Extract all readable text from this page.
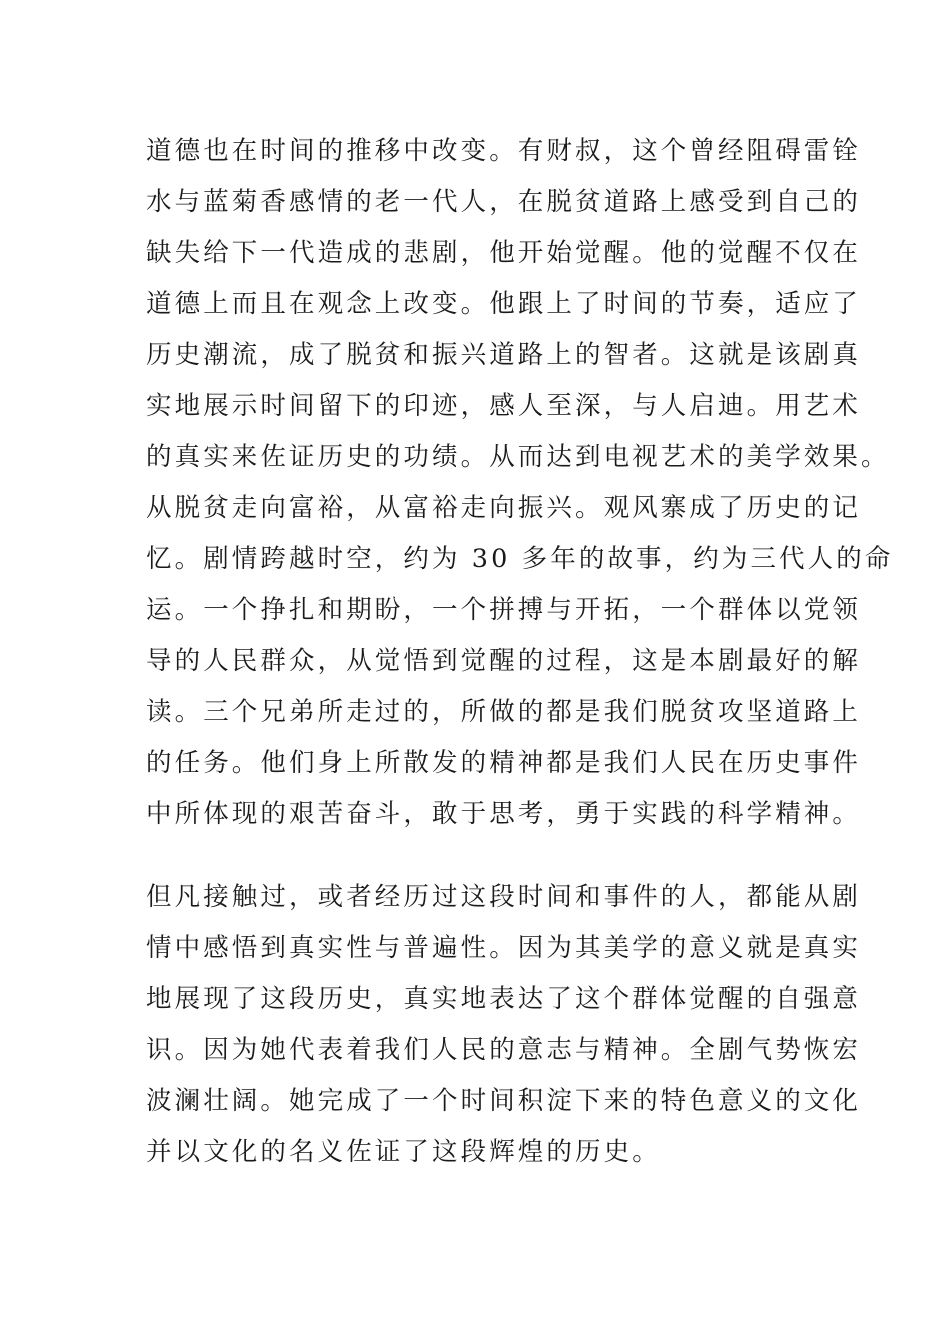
道德也在时间的推移中改变。有财叔，这个曾经阻碍雷铨
水与蓝菊香感情的老一代人，在脱贫道路上感受到自己的
缺失给下一代造成的悲剧，他开始觉醒。他的觉醒不仅在
道德上而且在观念上改变。他跟上了时间的节奏，适应了
历史潮流，成了脱贫和振兴道路上的智者。这就是该剧真
实地展示时间留下的印迹，感人至深，与人启迪。用艺术
的真实来佐证历史的功绩。从而达到电视艺术的美学效果。
从脱贫走向富裕，从富裕走向振兴。观风寨成了历史的记
忆。剧情跨越时空，约为 30 多年的故事，约为三代人的命
运。一个挣扎和期盼，一个拼搏与开拓，一个群体以党领
导的人民群众，从觉悟到觉醒的过程，这是本剧最好的解
读。三个兄弟所走过的，所做的都是我们脱贫攻坚道路上
的任务。他们身上所散发的精神都是我们人民在历史事件
中所体现的艰苦奋斗，敢于思考，勇于实践的科学精神。
但凡接触过，或者经历过这段时间和事件的人，都能从剧
情中感悟到真实性与普遍性。因为其美学的意义就是真实
地展现了这段历史，真实地表达了这个群体觉醒的自强意
识。因为她代表着我们人民的意志与精神。全剧气势恢宏
波澜壮阔。她完成了一个时间积淀下来的特色意义的文化
并以文化的名义佐证了这段辉煌的历史。
